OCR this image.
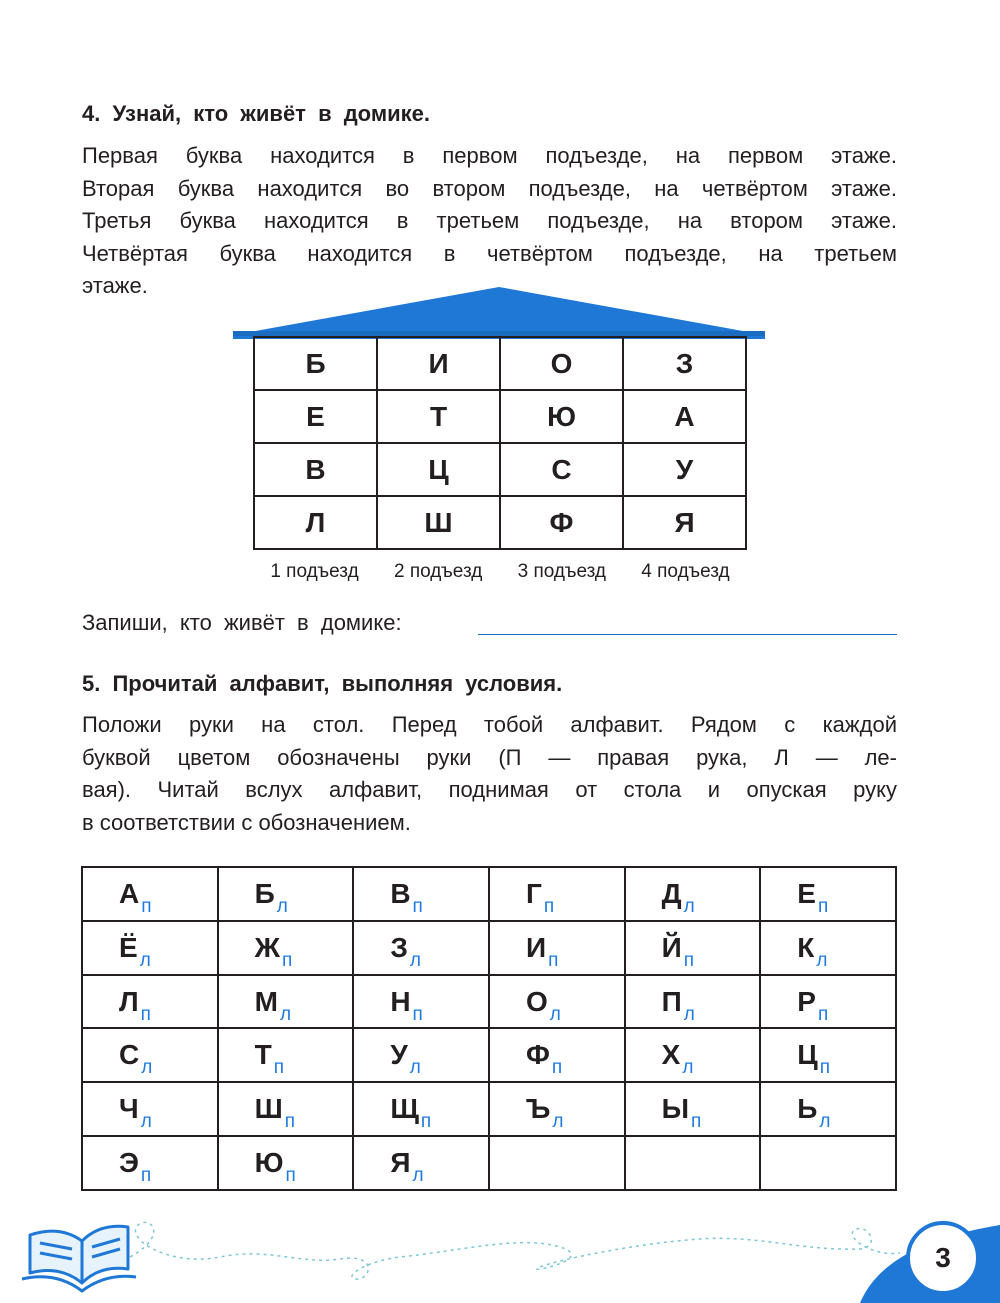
4. Узнай, кто живёт в домике.
Первая буква находится в первом подъезде, на первом этаже.
Вторая буква находится во втором подъезде, на четвёртом этаже.
Третья буква находится в третьем подъезде, на втором этаже.
Четвёртая буква находится в четвёртом подъезде, на третьем
этаже.
Б	И	О	З
Е	Т	Ю	А
В	Ц	С	У
Л	Ш	Ф	Я
1 подъезд	2 подъезд	3 подъезд	4 подъезд
Запиши, кто живёт в домике:
5. Прочитай алфавит, выполняя условия.
Положи руки на стол. Перед тобой алфавит. Рядом с каждой
буквой цветом обозначены руки (П — правая рука, Л — ле-
вая). Читай вслух алфавит, поднимая от стола и опуская руку
в соответствии с обозначением.
А п	Б л	В п	Г п	Д л	Е п
Ё л	Ж п	З л	И п	Й п	К л
Л п	М л	Н п	О л	П л	Р п
С л	Т п	У л	Ф п	Х л	Ц п
Ч л	Ш п	Щ п	Ъ л	Ы п	Ь л
Э п	Ю п	Я л			
3
